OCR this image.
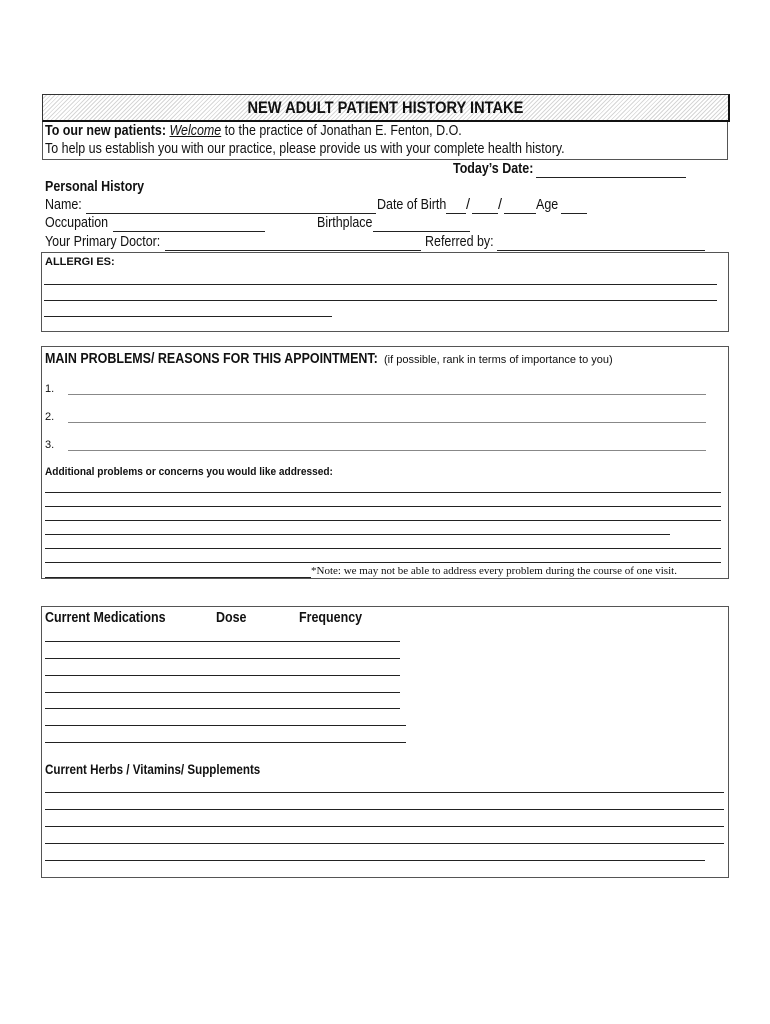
NEW ADULT PATIENT HISTORY INTAKE
To our new patients: Welcome to the practice of Jonathan E. Fenton, D.O.
To help us establish you with our practice, please provide us with your complete health history.
Today’s Date:
Personal History
Name:	Date of Birth	/ / Age
Occupation	Birthplace
Your Primary Doctor:	Referred by:
ALLERGI ES:
MAIN PROBLEMS/ REASONS FOR THIS APPOINTMENT: (if possible, rank in terms of importance to you)
1.
2.
3.
Additional problems or concerns you would like addressed:
*Note: we may not be able to address every problem during the course of one visit.
Current Medications	Dose	Frequency
Current Herbs / Vitamins/ Supplements
